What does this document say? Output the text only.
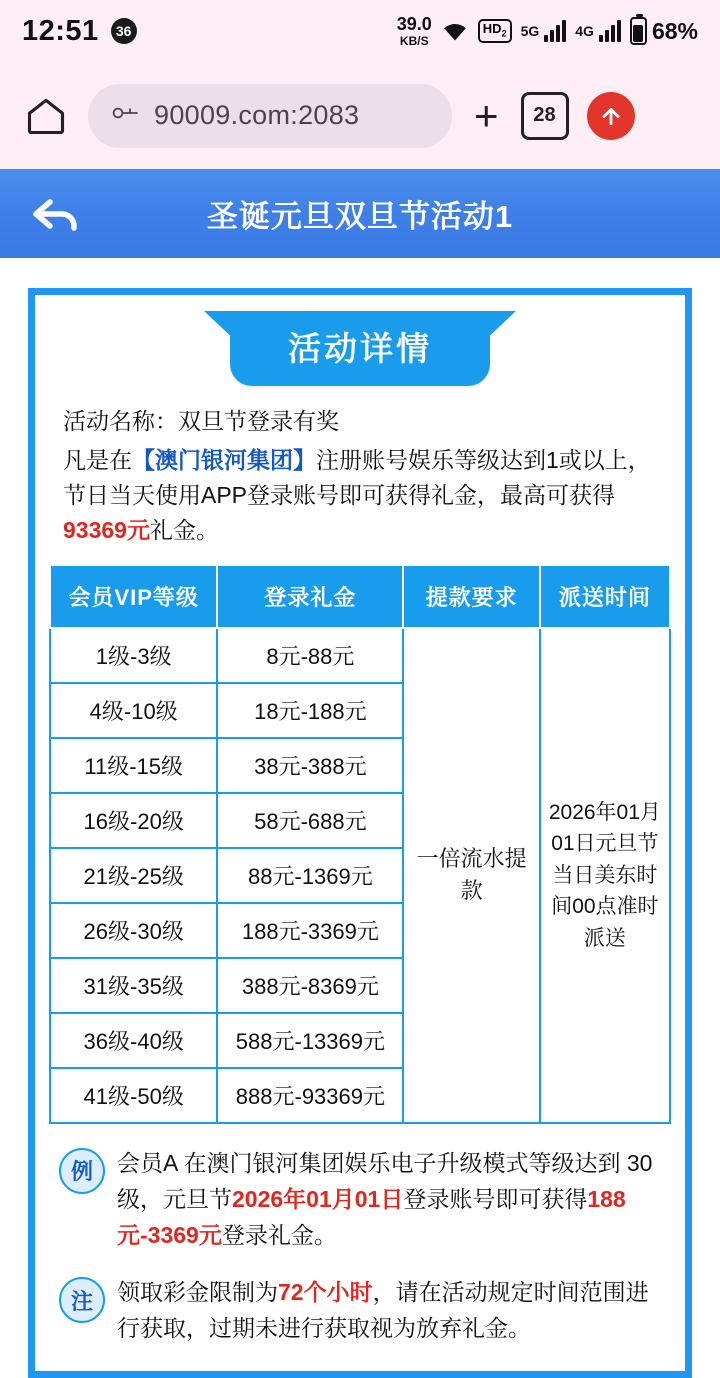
12:51	36	39.0
KB/S
$HD_2$	5G	4G	68%
90009.com:2083	+	28
圣诞元旦双旦节活动1
活动详情
活动名称：双旦节登录有奖
凡是在【澳门银河集团】注册账号娱乐等级达到1或以上，节日当天使用APP登录账号即可获得礼金，最高可获得93369元礼金。
会员VIP等级	登录礼金	提款要求	派送时间
1级-3级	8元-88元	一倍流水提款	2026年01月01日元旦节当日美东时间00点准时派送
4级-10级	18元-188元		
11级-15级	38元-388元		
16级-20级	58元-688元		
21级-25级	88元-1369元		
26级-30级	188元-3369元		
31级-35级	388元-8369元		
36级-40级	588元-13369元		
41级-50级	888元-93369元		
例	会员A 在澳门银河集团娱乐电子升级模式等级达到 30级，元旦节2026年01月01日登录账号即可获得188元-3369元登录礼金。
注	领取彩金限制为72个小时，请在活动规定时间范围进行获取，过期未进行获取视为放弃礼金。
